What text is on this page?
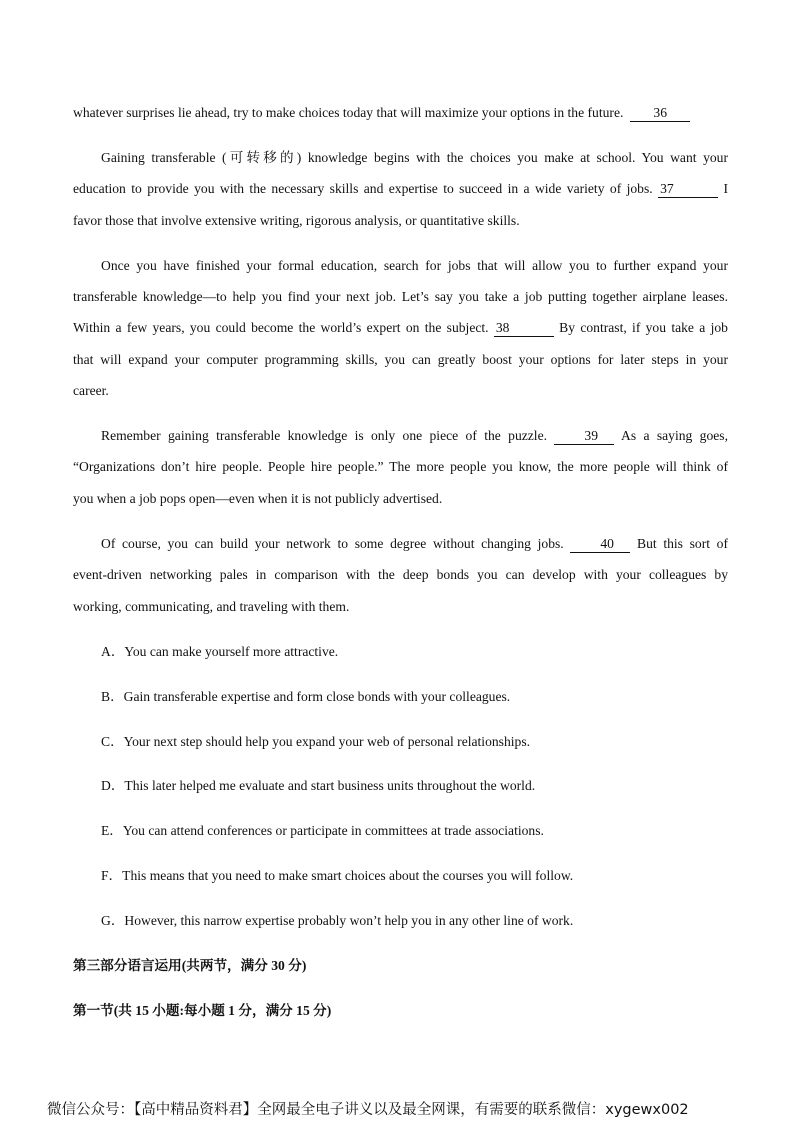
whatever surprises lie ahead, try to make choices today that will maximize your options in the future. 36
Gaining transferable (可转移的) knowledge begins with the choices you make at school. You want your
education to provide you with the necessary skills and expertise to succeed in a wide variety of jobs. 37	I
favor those that involve extensive writing, rigorous analysis, or quantitative skills.
Once you have finished your formal education, search for jobs that will allow you to further expand your
transferable knowledge—to help you find your next job. Let’s say you take a job putting together airplane leases.
Within a few years, you could become the world’s expert on the subject. 38	By contrast, if you take a job
that will expand your computer programming skills, you can greatly boost your options for later steps in your
career.
Remember gaining transferable knowledge is only one piece of the puzzle.	39 As a saying goes,
“Organizations don’t hire people. People hire people.” The more people you know, the more people will think of
you when a job pops open—even when it is not publicly advertised.
Of course, you can build your network to some degree without changing jobs.	40 But this sort of
event-driven networking pales in comparison with the deep bonds you can develop with your colleagues by
working, communicating, and traveling with them.
A．You can make yourself more attractive.
B．Gain transferable expertise and form close bonds with your colleagues.
C．Your next step should help you expand your web of personal relationships.
D．This later helped me evaluate and start business units throughout the world.
E．You can attend conferences or participate in committees at trade associations.
F．This means that you need to make smart choices about the courses you will follow.
G．However, this narrow expertise probably won’t help you in any other line of work.
第三部分语言运用(共两节，满分 30 分)
第一节(共 15 小题:每小题 1 分，满分 15 分)
微信公众号：【高中精品资料君】全网最全电子讲义以及最全网课，有需要的联系微信：xygewx002
